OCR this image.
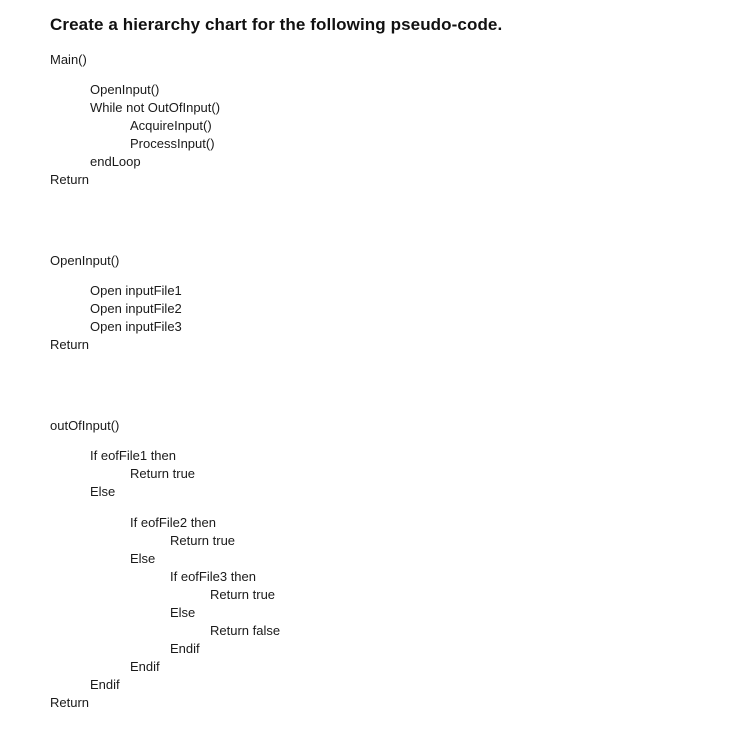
Create a hierarchy chart for the following pseudo-code.
Main()
OpenInput()
While not OutOfInput()
AcquireInput()
ProcessInput()
endLoop
Return
OpenInput()
Open inputFile1
Open inputFile2
Open inputFile3
Return
outOfInput()
If eofFile1 then
Return true
Else
If eofFile2 then
Return true
Else
If eofFile3 then
Return true
Else
Return false
Endif
Endif
Endif
Return
